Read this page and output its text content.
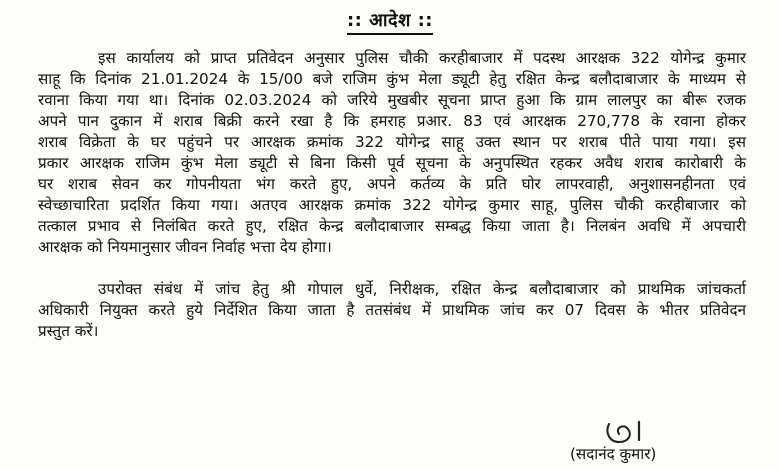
:: आदेश ::
इस कार्यालय को प्राप्त प्रतिवेदन अनुसार पुलिस चौकी करहीबाजार में पदस्थ आरक्षक 322 योगेन्द्र कुमार
साहू कि दिनांक 21.01.2024 के 15/00 बजे राजिम कुंभ मेला ड्यूटी हेतु रक्षित केन्द्र बलौदाबाजार के माध्यम से
रवाना किया गया था। दिनांक 02.03.2024 को जरिये मुखबीर सूचना प्राप्त हुआ कि ग्राम लालपुर का बीरू रजक
अपने पान दुकान में शराब बिक्री करने रखा है कि हमराह प्रआर. 83 एवं आरक्षक 270,778 के रवाना होकर
शराब विक्रेता के घर पहुंचने पर आरक्षक क्रमांक 322 योगेन्द्र साहू उक्त स्थान पर शराब पीते पाया गया। इस
प्रकार आरक्षक राजिम कुंभ मेला ड्यूटी से बिना किसी पूर्व सूचना के अनुपस्थित रहकर अवैध शराब कारोबारी के
घर शराब सेवन कर गोपनीयता भंग करते हुए, अपने कर्तव्य के प्रति घोर लापरवाही, अनुशासनहीनता एवं
स्वेच्छाचारिता प्रदर्शित किया गया। अतएव आरक्षक क्रमांक 322 योगेन्द्र कुमार साहू, पुलिस चौकी करहीबाजार को
तत्काल प्रभाव से निलंबित करते हुए, रक्षित केन्द्र बलौदाबाजार सम्बद्ध किया जाता है। निलबंन अवधि में अपचारी
आरक्षक को नियमानुसार जीवन निर्वाह भत्ता देय होगा।
उपरोक्त संबंध में जांच हेतु श्री गोपाल धुर्वे, निरीक्षक, रक्षित केन्द्र बलौदाबाजार को प्राथमिक जांचकर्ता
अधिकारी नियुक्त करते हुये निर्देशित किया जाता है ततसंबंध में प्राथमिक जांच कर 07 दिवस के भीतर प्रतिवेदन
प्रस्तुत करें।
(सदानंद कुमार)
